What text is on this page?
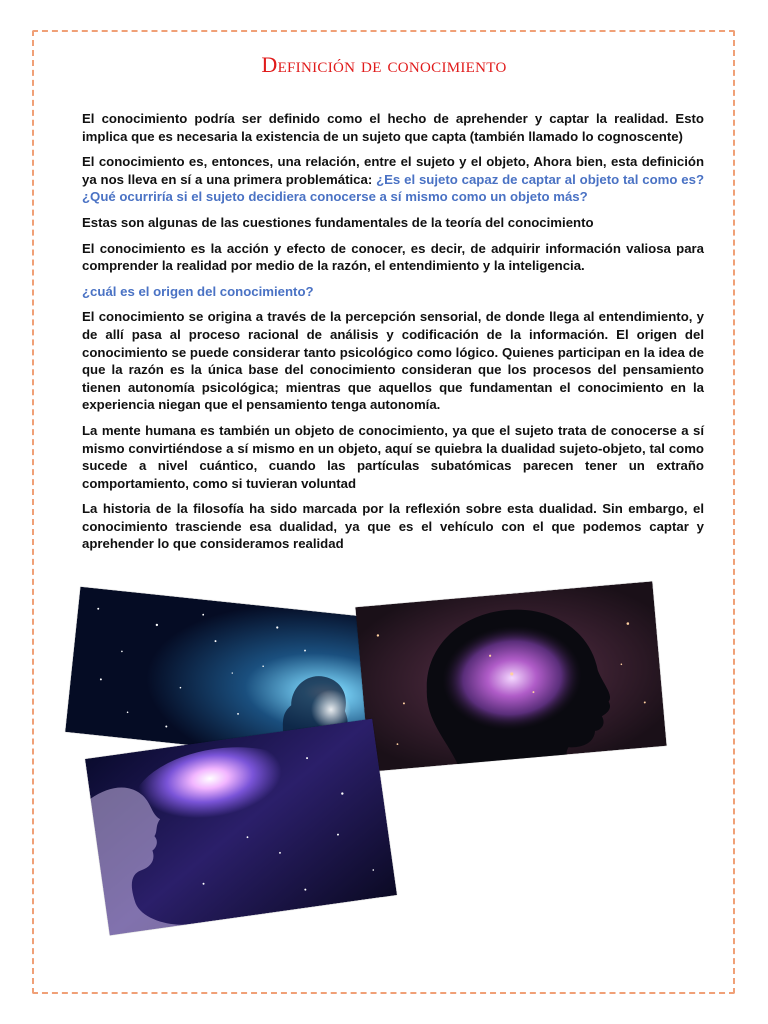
Definición de conocimiento

El conocimiento podría ser definido como el hecho de aprehender y captar la realidad. Esto implica que es necesaria la existencia de un sujeto que capta (también llamado lo cognoscente)

El conocimiento es, entonces, una relación, entre el sujeto y el objeto, Ahora bien, esta definición ya nos lleva en sí a una primera problemática: ¿Es el sujeto capaz de captar al objeto tal como es? ¿Qué ocurriría si el sujeto decidiera conocerse a sí mismo como un objeto más?

Estas son algunas de las cuestiones fundamentales de la teoría del conocimiento

El conocimiento es la acción y efecto de conocer, es decir, de adquirir información valiosa para comprender la realidad por medio de la razón, el entendimiento y la inteligencia.

¿cuál es el origen del conocimiento?

El conocimiento se origina a través de la percepción sensorial, de donde llega al entendimiento, y de allí pasa al proceso racional de análisis y codificación de la información. El origen del conocimiento se puede considerar tanto psicológico como lógico. Quienes participan en la idea de que la razón es la única base del conocimiento consideran que los procesos del pensamiento tienen autonomía psicológica; mientras que aquellos que fundamentan el conocimiento en la experiencia niegan que el pensamiento tenga autonomía.

La mente humana es también un objeto de conocimiento, ya que el sujeto trata de conocerse a sí mismo convirtiéndose a sí mismo en un objeto, aquí se quiebra la dualidad sujeto-objeto, tal como sucede a nivel cuántico, cuando las partículas subatómicas parecen tener un extraño comportamiento, como si tuvieran voluntad

La historia de la filosofía ha sido marcada por la reflexión sobre esta dualidad. Sin embargo, el conocimiento trasciende esa dualidad, ya que es el vehículo con el que podemos captar y aprehender lo que consideramos realidad
